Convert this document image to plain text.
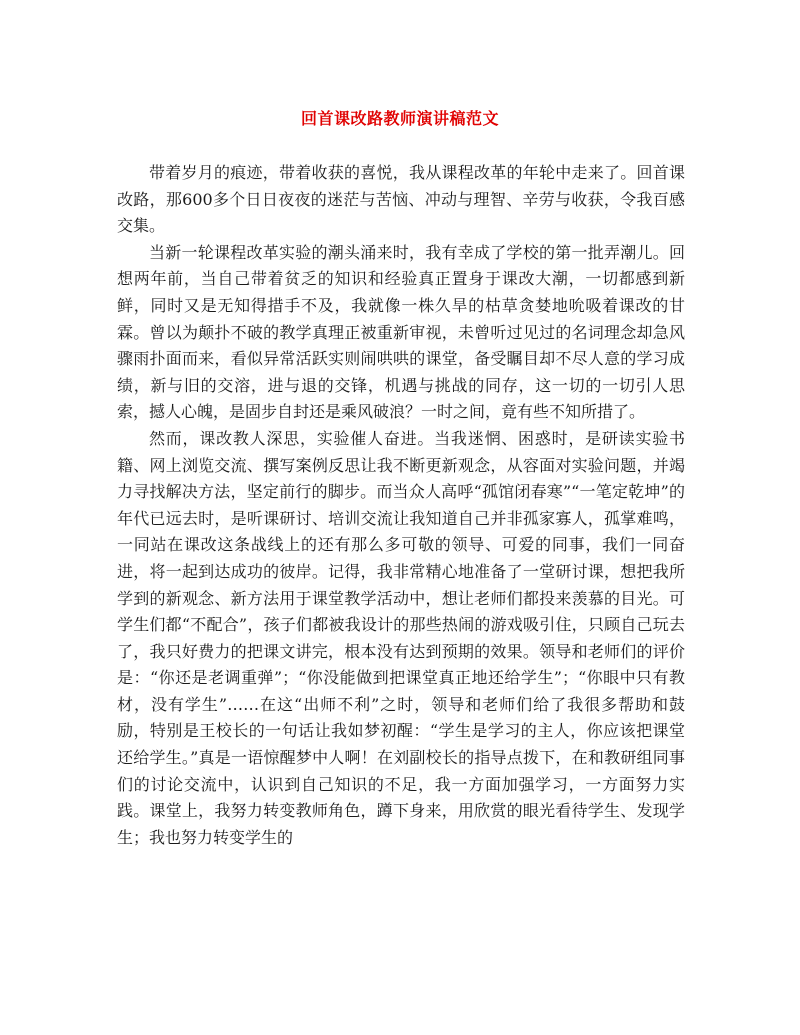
回首课改路教师演讲稿范文

带着岁月的痕迹，带着收获的喜悦，我从课程改革的年轮中走来了。回首课改路，那600多个日日夜夜的迷茫与苦恼、冲动与理智、辛劳与收获，令我百感交集。

当新一轮课程改革实验的潮头涌来时，我有幸成了学校的第一批弄潮儿。回想两年前，当自己带着贫乏的知识和经验真正置身于课改大潮，一切都感到新鲜，同时又是无知得措手不及，我就像一株久旱的枯草贪婪地吮吸着课改的甘霖。曾以为颠扑不破的教学真理正被重新审视，未曾听过见过的名词理念却急风骤雨扑面而来，看似异常活跃实则闹哄哄的课堂，备受瞩目却不尽人意的学习成绩，新与旧的交溶，进与退的交锋，机遇与挑战的同存，这一切的一切引人思索，撼人心魄，是固步自封还是乘风破浪？一时之间，竟有些不知所措了。

然而，课改教人深思，实验催人奋进。当我迷惘、困惑时，是研读实验书籍、网上浏览交流、撰写案例反思让我不断更新观念，从容面对实验问题，并竭力寻找解决方法，坚定前行的脚步。而当众人高呼“孤馆闭春寒”“一笔定乾坤”的年代已远去时，是听课研讨、培训交流让我知道自己并非孤家寡人，孤掌难鸣，一同站在课改这条战线上的还有那么多可敬的领导、可爱的同事，我们一同奋进，将一起到达成功的彼岸。记得，我非常精心地准备了一堂研讨课，想把我所学到的新观念、新方法用于课堂教学活动中，想让老师们都投来羡慕的目光。可学生们都“不配合”，孩子们都被我设计的那些热闹的游戏吸引住，只顾自己玩去了，我只好费力的把课文讲完，根本没有达到预期的效果。领导和老师们的评价是：“你还是老调重弹”；“你没能做到把课堂真正地还给学生”；“你眼中只有教材，没有学生”……在这“出师不利”之时，领导和老师们给了我很多帮助和鼓励，特别是王校长的一句话让我如梦初醒：“学生是学习的主人，你应该把课堂还给学生。”真是一语惊醒梦中人啊！在刘副校长的指导点拨下，在和教研组同事们的讨论交流中，认识到自己知识的不足，我一方面加强学习，一方面努力实践。课堂上，我努力转变教师角色，蹲下身来，用欣赏的眼光看待学生、发现学生；我也努力转变学生的
